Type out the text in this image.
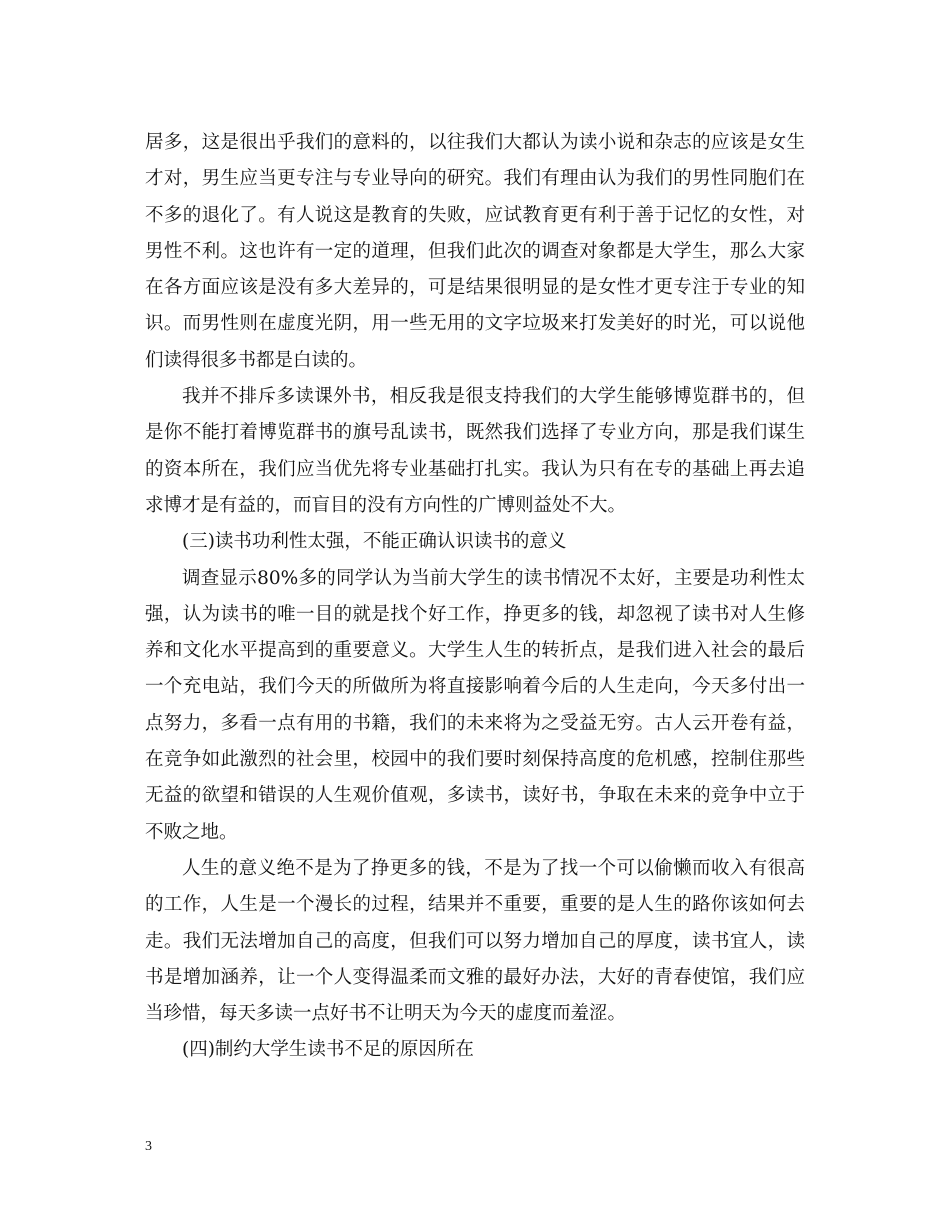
居多，这是很出乎我们的意料的，以往我们大都认为读小说和杂志的应该是女生才对，男生应当更专注与专业导向的研究。我们有理由认为我们的男性同胞们在不多的退化了。有人说这是教育的失败，应试教育更有利于善于记忆的女性，对男性不利。这也许有一定的道理，但我们此次的调查对象都是大学生，那么大家在各方面应该是没有多大差异的，可是结果很明显的是女性才更专注于专业的知识。而男性则在虚度光阴，用一些无用的文字垃圾来打发美好的时光，可以说他们读得很多书都是白读的。

我并不排斥多读课外书，相反我是很支持我们的大学生能够博览群书的，但是你不能打着博览群书的旗号乱读书，既然我们选择了专业方向，那是我们谋生的资本所在，我们应当优先将专业基础打扎实。我认为只有在专的基础上再去追求博才是有益的，而盲目的没有方向性的广博则益处不大。

(三)读书功利性太强，不能正确认识读书的意义

调查显示80%多的同学认为当前大学生的读书情况不太好，主要是功利性太强，认为读书的唯一目的就是找个好工作，挣更多的钱，却忽视了读书对人生修养和文化水平提高到的重要意义。大学生人生的转折点，是我们进入社会的最后一个充电站，我们今天的所做所为将直接影响着今后的人生走向，今天多付出一点努力，多看一点有用的书籍，我们的未来将为之受益无穷。古人云开卷有益，在竞争如此激烈的社会里，校园中的我们要时刻保持高度的危机感，控制住那些无益的欲望和错误的人生观价值观，多读书，读好书，争取在未来的竞争中立于不败之地。

人生的意义绝不是为了挣更多的钱，不是为了找一个可以偷懒而收入有很高的工作，人生是一个漫长的过程，结果并不重要，重要的是人生的路你该如何去走。我们无法增加自己的高度，但我们可以努力增加自己的厚度，读书宜人，读书是增加涵养，让一个人变得温柔而文雅的最好办法，大好的青春使馆，我们应当珍惜，每天多读一点好书不让明天为今天的虚度而羞涩。

(四)制约大学生读书不足的原因所在

3
